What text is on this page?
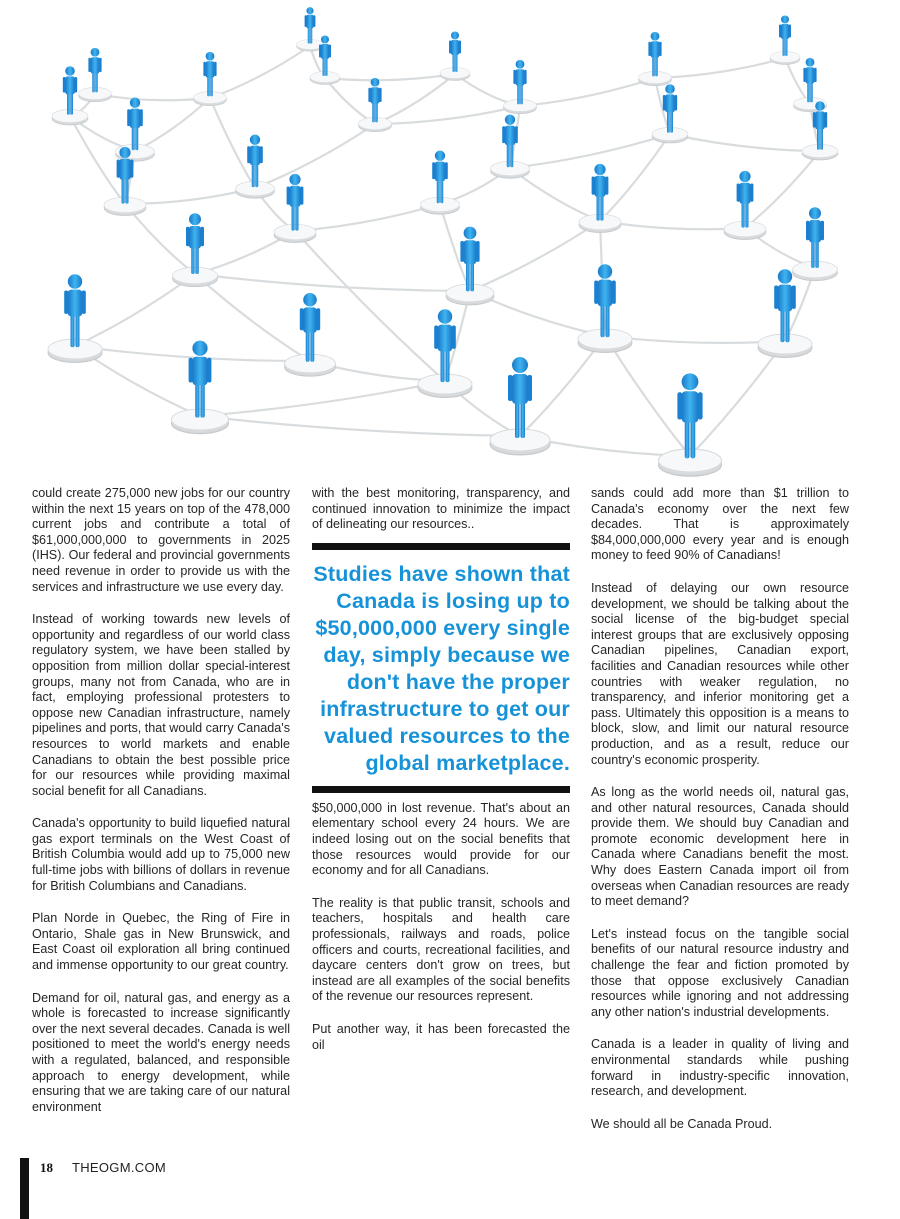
could create 275,000 new jobs for our country within the next 15 years on top of the 478,000 current jobs and contribute a total of $61,000,000,000 to governments in 2025 (IHS). Our federal and provincial governments need revenue in order to provide us with the services and infrastructure we use every day.

Instead of working towards new levels of opportunity and regardless of our world class regulatory system, we have been stalled by opposition from million dollar special-interest groups, many not from Canada, who are in fact, employing professional protesters to oppose new Canadian infrastructure, namely pipelines and ports, that would carry Canada's resources to world markets and enable Canadians to obtain the best possible price for our resources while providing maximal social benefit for all Canadians.

Canada's opportunity to build liquefied natural gas export terminals on the West Coast of British Columbia would add up to 75,000 new full-time jobs with billions of dollars in revenue for British Columbians and Canadians.

Plan Norde in Quebec, the Ring of Fire in Ontario, Shale gas in New Brunswick, and East Coast oil exploration all bring continued and immense opportunity to our great country.

Demand for oil, natural gas, and energy as a whole is forecasted to increase significantly over the next several decades. Canada is well positioned to meet the world's energy needs with a regulated, balanced, and responsible approach to energy development, while ensuring that we are taking care of our natural environment

with the best monitoring, transparency, and continued innovation to minimize the impact of delineating our resources..

Studies have shown that Canada is losing up to $50,000,000 every single day, simply because we don't have the proper infrastructure to get our valued resources to the global marketplace.

$50,000,000 in lost revenue. That's about an elementary school every 24 hours. We are indeed losing out on the social benefits that those resources would provide for our economy and for all Canadians.

The reality is that public transit, schools and teachers, hospitals and health care professionals, railways and roads, police officers and courts, recreational facilities, and daycare centers don't grow on trees, but instead are all examples of the social benefits of the revenue our resources represent.

Put another way, it has been forecasted the oil

sands could add more than $1 trillion to Canada's economy over the next few decades. That is approximately $84,000,000,000 every year and is enough money to feed 90% of Canadians!

Instead of delaying our own resource development, we should be talking about the social license of the big-budget special interest groups that are exclusively opposing Canadian pipelines, Canadian export, facilities and Canadian resources while other countries with weaker regulation, no transparency, and inferior monitoring get a pass. Ultimately this opposition is a means to block, slow, and limit our natural resource production, and as a result, reduce our country's economic prosperity.

As long as the world needs oil, natural gas, and other natural resources, Canada should provide them. We should buy Canadian and promote economic development here in Canada where Canadians benefit the most. Why does Eastern Canada import oil from overseas when Canadian resources are ready to meet demand?

Let's instead focus on the tangible social benefits of our natural resource industry and challenge the fear and fiction promoted by those that oppose exclusively Canadian resources while ignoring and not addressing any other nation's industrial developments.

Canada is a leader in quality of living and environmental standards while pushing forward in industry-specific innovation, research, and development.

We should all be Canada Proud.

18 THEOGM.COM
